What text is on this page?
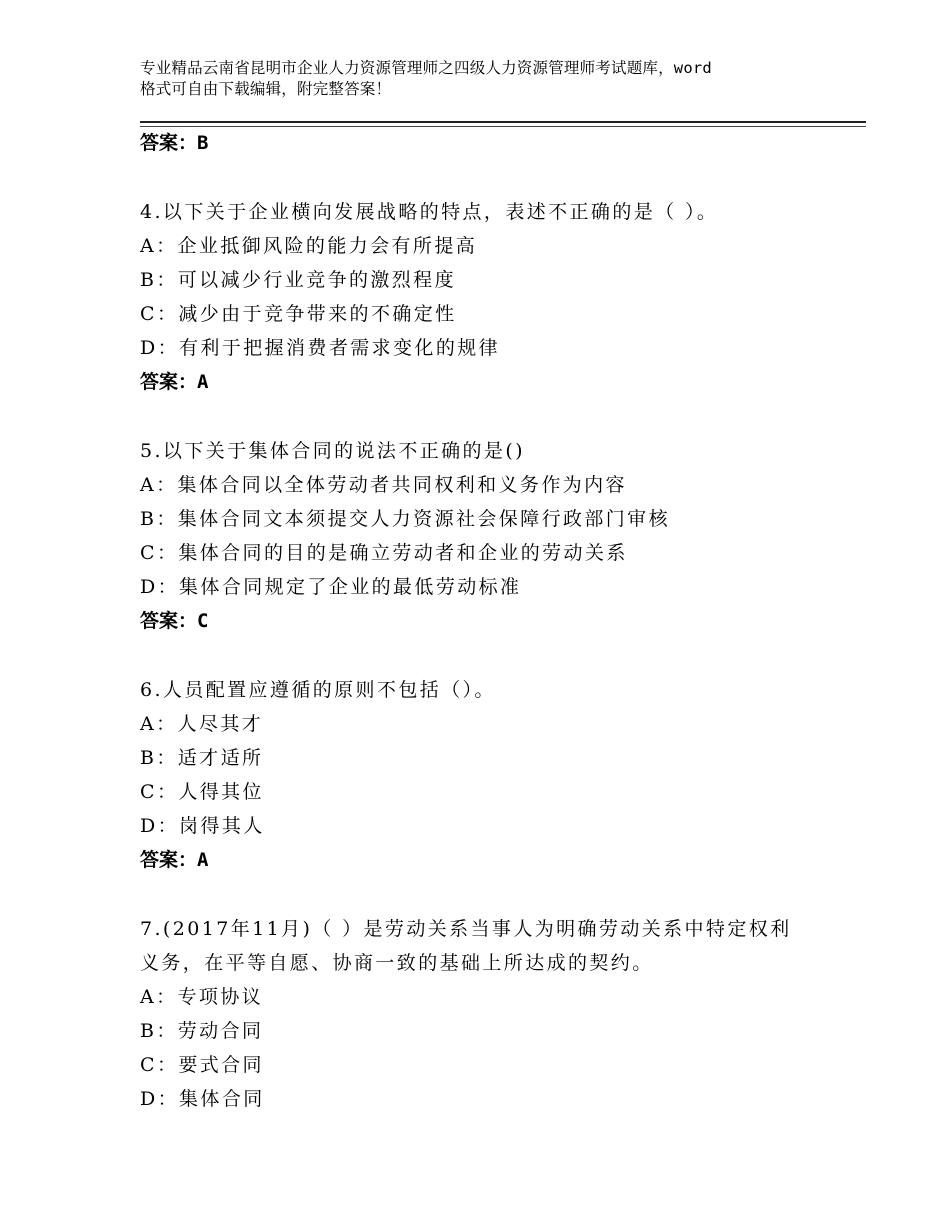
专业精品云南省昆明市企业人力资源管理师之四级人力资源管理师考试题库，word
格式可自由下载编辑，附完整答案！
答案：B
4.以下关于企业横向发展战略的特点，表述不正确的是（ ）。
A：企业抵御风险的能力会有所提高
B：可以减少行业竞争的激烈程度
C：减少由于竞争带来的不确定性
D：有利于把握消费者需求变化的规律
答案：A
5.以下关于集体合同的说法不正确的是()
A：集体合同以全体劳动者共同权利和义务作为内容
B：集体合同文本须提交人力资源社会保障行政部门审核
C：集体合同的目的是确立劳动者和企业的劳动关系
D：集体合同规定了企业的最低劳动标准
答案：C
6.人员配置应遵循的原则不包括（）。
A：人尽其才
B：适才适所
C：人得其位
D：岗得其人
答案：A
7.(2017年11月)（ ）是劳动关系当事人为明确劳动关系中特定权利
义务，在平等自愿、协商一致的基础上所达成的契约。
A：专项协议
B：劳动合同
C：要式合同
D：集体合同
